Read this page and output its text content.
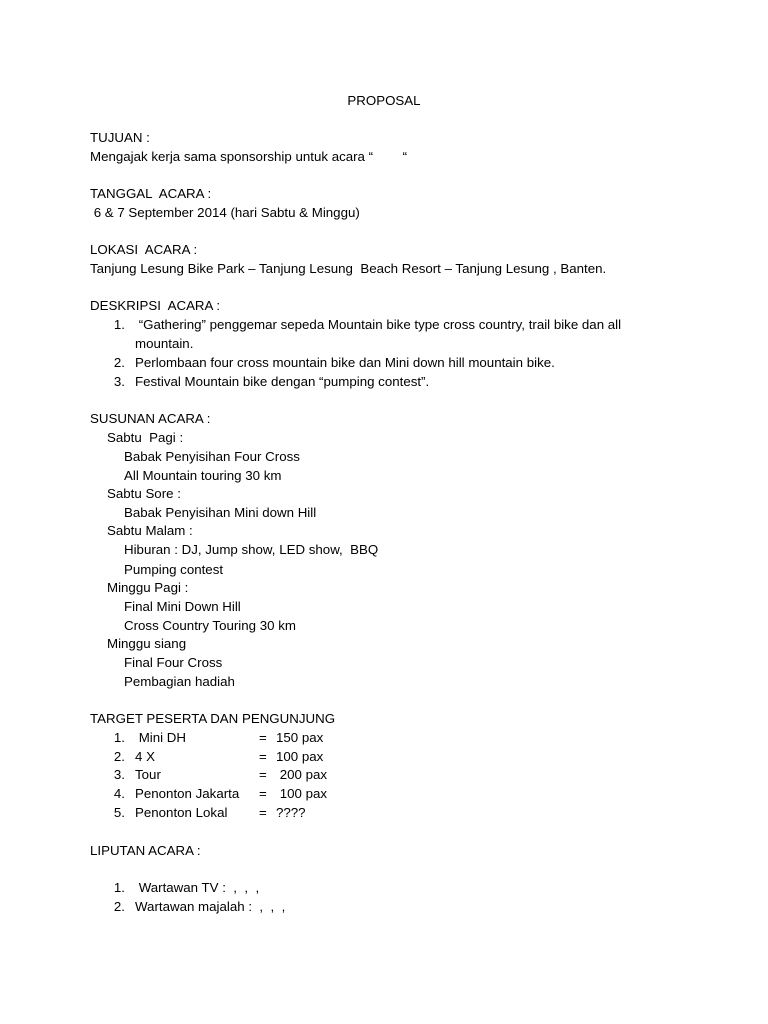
PROPOSAL
TUJUAN :
Mengajak kerja sama sponsorship untuk acara “        “
TANGGAL  ACARA :
6 & 7 September 2014 (hari Sabtu & Minggu)
LOKASI  ACARA :
Tanjung Lesung Bike Park – Tanjung Lesung  Beach Resort – Tanjung Lesung , Banten.
DESKRIPSI  ACARA :
1. “Gathering” penggemar sepeda Mountain bike type cross country, trail bike dan all
mountain.
2. Perlombaan four cross mountain bike dan Mini down hill mountain bike.
3. Festival Mountain bike dengan “pumping contest”.
SUSUNAN ACARA :
Sabtu  Pagi :
Babak Penyisihan Four Cross
All Mountain touring 30 km
Sabtu Sore :
Babak Penyisihan Mini down Hill
Sabtu Malam :
Hiburan : DJ, Jump show, LED show,  BBQ
Pumping contest
Minggu Pagi :
Final Mini Down Hill
Cross Country Touring 30 km
Minggu siang
Final Four Cross
Pembagian hadiah
TARGET PESERTA DAN PENGUNJUNG
1. Mini DH	= 150 pax
2. 4 X	= 100 pax
3. Tour	= 200 pax
4. Penonton Jakarta = 100 pax
5. Penonton Lokal = ????
LIPUTAN ACARA :
1. Wartawan TV :  ,  ,  ,
2. Wartawan majalah :  ,  ,  ,
